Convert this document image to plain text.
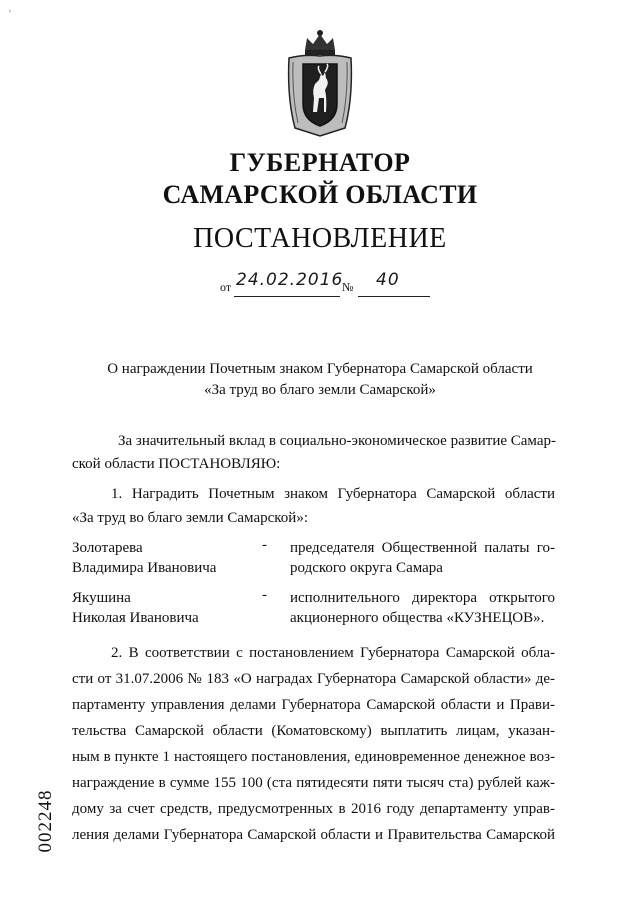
ʼ
ГУБЕРНАТОР
САМАРСКОЙ ОБЛАСТИ
ПОСТАНОВЛЕНИЕ
от 24.02.2016
№ 40
О награждении Почетным знаком Губернатора Самарской области
«За труд во благо земли Самарской»
За значительный вклад в социально-экономическое развитие Самар-
ской области ПОСТАНОВЛЯЮ:
1. Наградить Почетным знаком Губернатора Самарской области
«За труд во благо земли Самарской»:
Золотарева
Владимира Ивановича
- председателя Общественной палаты го-
родского округа Самара
Якушина
Николая Ивановича
- исполнительного директора открытого
акционерного общества «КУЗНЕЦОВ».
2. В соответствии с постановлением Губернатора Самарской обла-
сти от 31.07.2006 № 183 «О наградах Губернатора Самарской области» де-
партаменту управления делами Губернатора Самарской области и Прави-
тельства Самарской области (Коматовскому) выплатить лицам, указан-
ным в пункте 1 настоящего постановления, единовременное денежное воз-
награждение в сумме 155 100 (ста пятидесяти пяти тысяч ста) рублей каж-
дому за счет средств, предусмотренных в 2016 году департаменту управ-
ления делами Губернатора Самарской области и Правительства Самарской
002248
